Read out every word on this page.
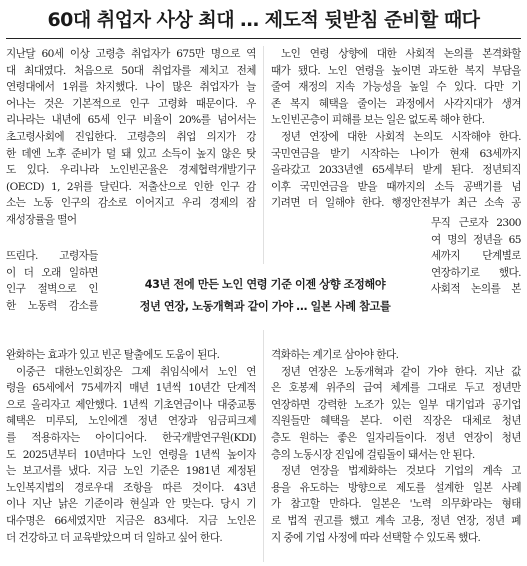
60대 취업자 사상 최대 … 제도적 뒷받침 준비할 때다
지난달 60세 이상 고령층 취업자가 675만 명으로 역
대 최대였다. 처음으로 50대 취업자를 제치고 전체
연령대에서 1위를 차지했다. 나이 많은 취업자가 늘
어나는 것은 기본적으로 인구 고령화 때문이다. 우
리나라는 내년에 65세 인구 비율이 20%를 넘어서는
초고령사회에 진입한다. 고령층의 취업 의지가 강
한 데엔 노후 준비가 덜 돼 있고 소득이 높지 않은 탓
도 있다. 우리나라 노인빈곤율은 경제협력개발기구
(OECD) 1, 2위를 달린다. 저출산으로 인한 인구 감
소는 노동 인구의 감소로 이어지고 우리 경제의 잠
재성장률을 떨어
뜨린다. 고령자들
이 더 오래 일하면
인구 절벽으로 인
한 노동력 감소를
완화하는 효과가 있고 빈곤 탈출에도 도움이 된다.
이중근 대한노인회장은 그제 취임식에서 노인 연
령을 65세에서 75세까지 매년 1년씩 10년간 단계적
으로 올리자고 제안했다. 1년씩 기초연금이나 대중교통
혜택은 미루되, 노인에겐 정년 연장과 임금피크제
를 적용하자는 아이디어다. 한국개발연구원(KDI)
도 2025년부터 10년마다 노인 연령을 1년씩 높이자
는 보고서를 냈다. 지금 노인 기준은 1981년 제정된
노인복지법의 경로우대 조항을 따른 것이다. 43년
이나 지난 낡은 기준이라 현실과 안 맞는다. 당시 기
대수명은 66세였지만 지금은 83세다. 지금 노인은
더 건강하고 더 교육받았으며 더 일하고 싶어 한다.
노인 연령 상향에 대한 사회적 논의를 본격화할
때가 됐다. 노인 연령을 높이면 과도한 복지 부담을
줄여 재정의 지속 가능성을 높일 수 있다. 다만 기
존 복지 혜택을 줄이는 과정에서 사각지대가 생겨
노인빈곤층이 피해를 보는 일은 없도록 해야 한다.
정년 연장에 대한 사회적 논의도 시작해야 한다.
국민연금을 받기 시작하는 나이가 현재 63세까지
올라갔고 2033년엔 65세부터 받게 된다. 정년퇴직
이후 국민연금을 받을 때까지의 소득 공백기를 넘
기려면 더 일해야 한다. 행정안전부가 최근 소속 공
무직 근로자 2300
여 명의 정년을 65
세까지 단계별로
연장하기로 했다.
사회적 논의를 본
격화하는 계기로 삼아야 한다.
정년 연장은 노동개혁과 같이 가야 한다. 지난 값
은 호봉제 위주의 급여 체계를 그대로 두고 정년만
연장하면 강력한 노조가 있는 일부 대기업과 공기업
직원들만 혜택을 본다. 이런 직장은 대체로 청년
층도 원하는 좋은 일자리들이다. 정년 연장이 청년
층의 노동시장 진입에 걸림돌이 돼서는 안 된다.
정년 연장을 법제화하는 것보다 기업의 계속 고
용을 유도하는 방향으로 제도를 설계한 일본 사례
가 참고할 만하다. 일본은 '노력 의무화'라는 형태
로 법적 권고를 했고 계속 고용, 정년 연장, 정년 폐
지 중에 기업 사정에 따라 선택할 수 있도록 했다.
43년 전에 만든 노인 연령 기준 이젠 상향 조정해야
정년 연장, 노동개혁과 같이 가야 … 일본 사례 참고를
